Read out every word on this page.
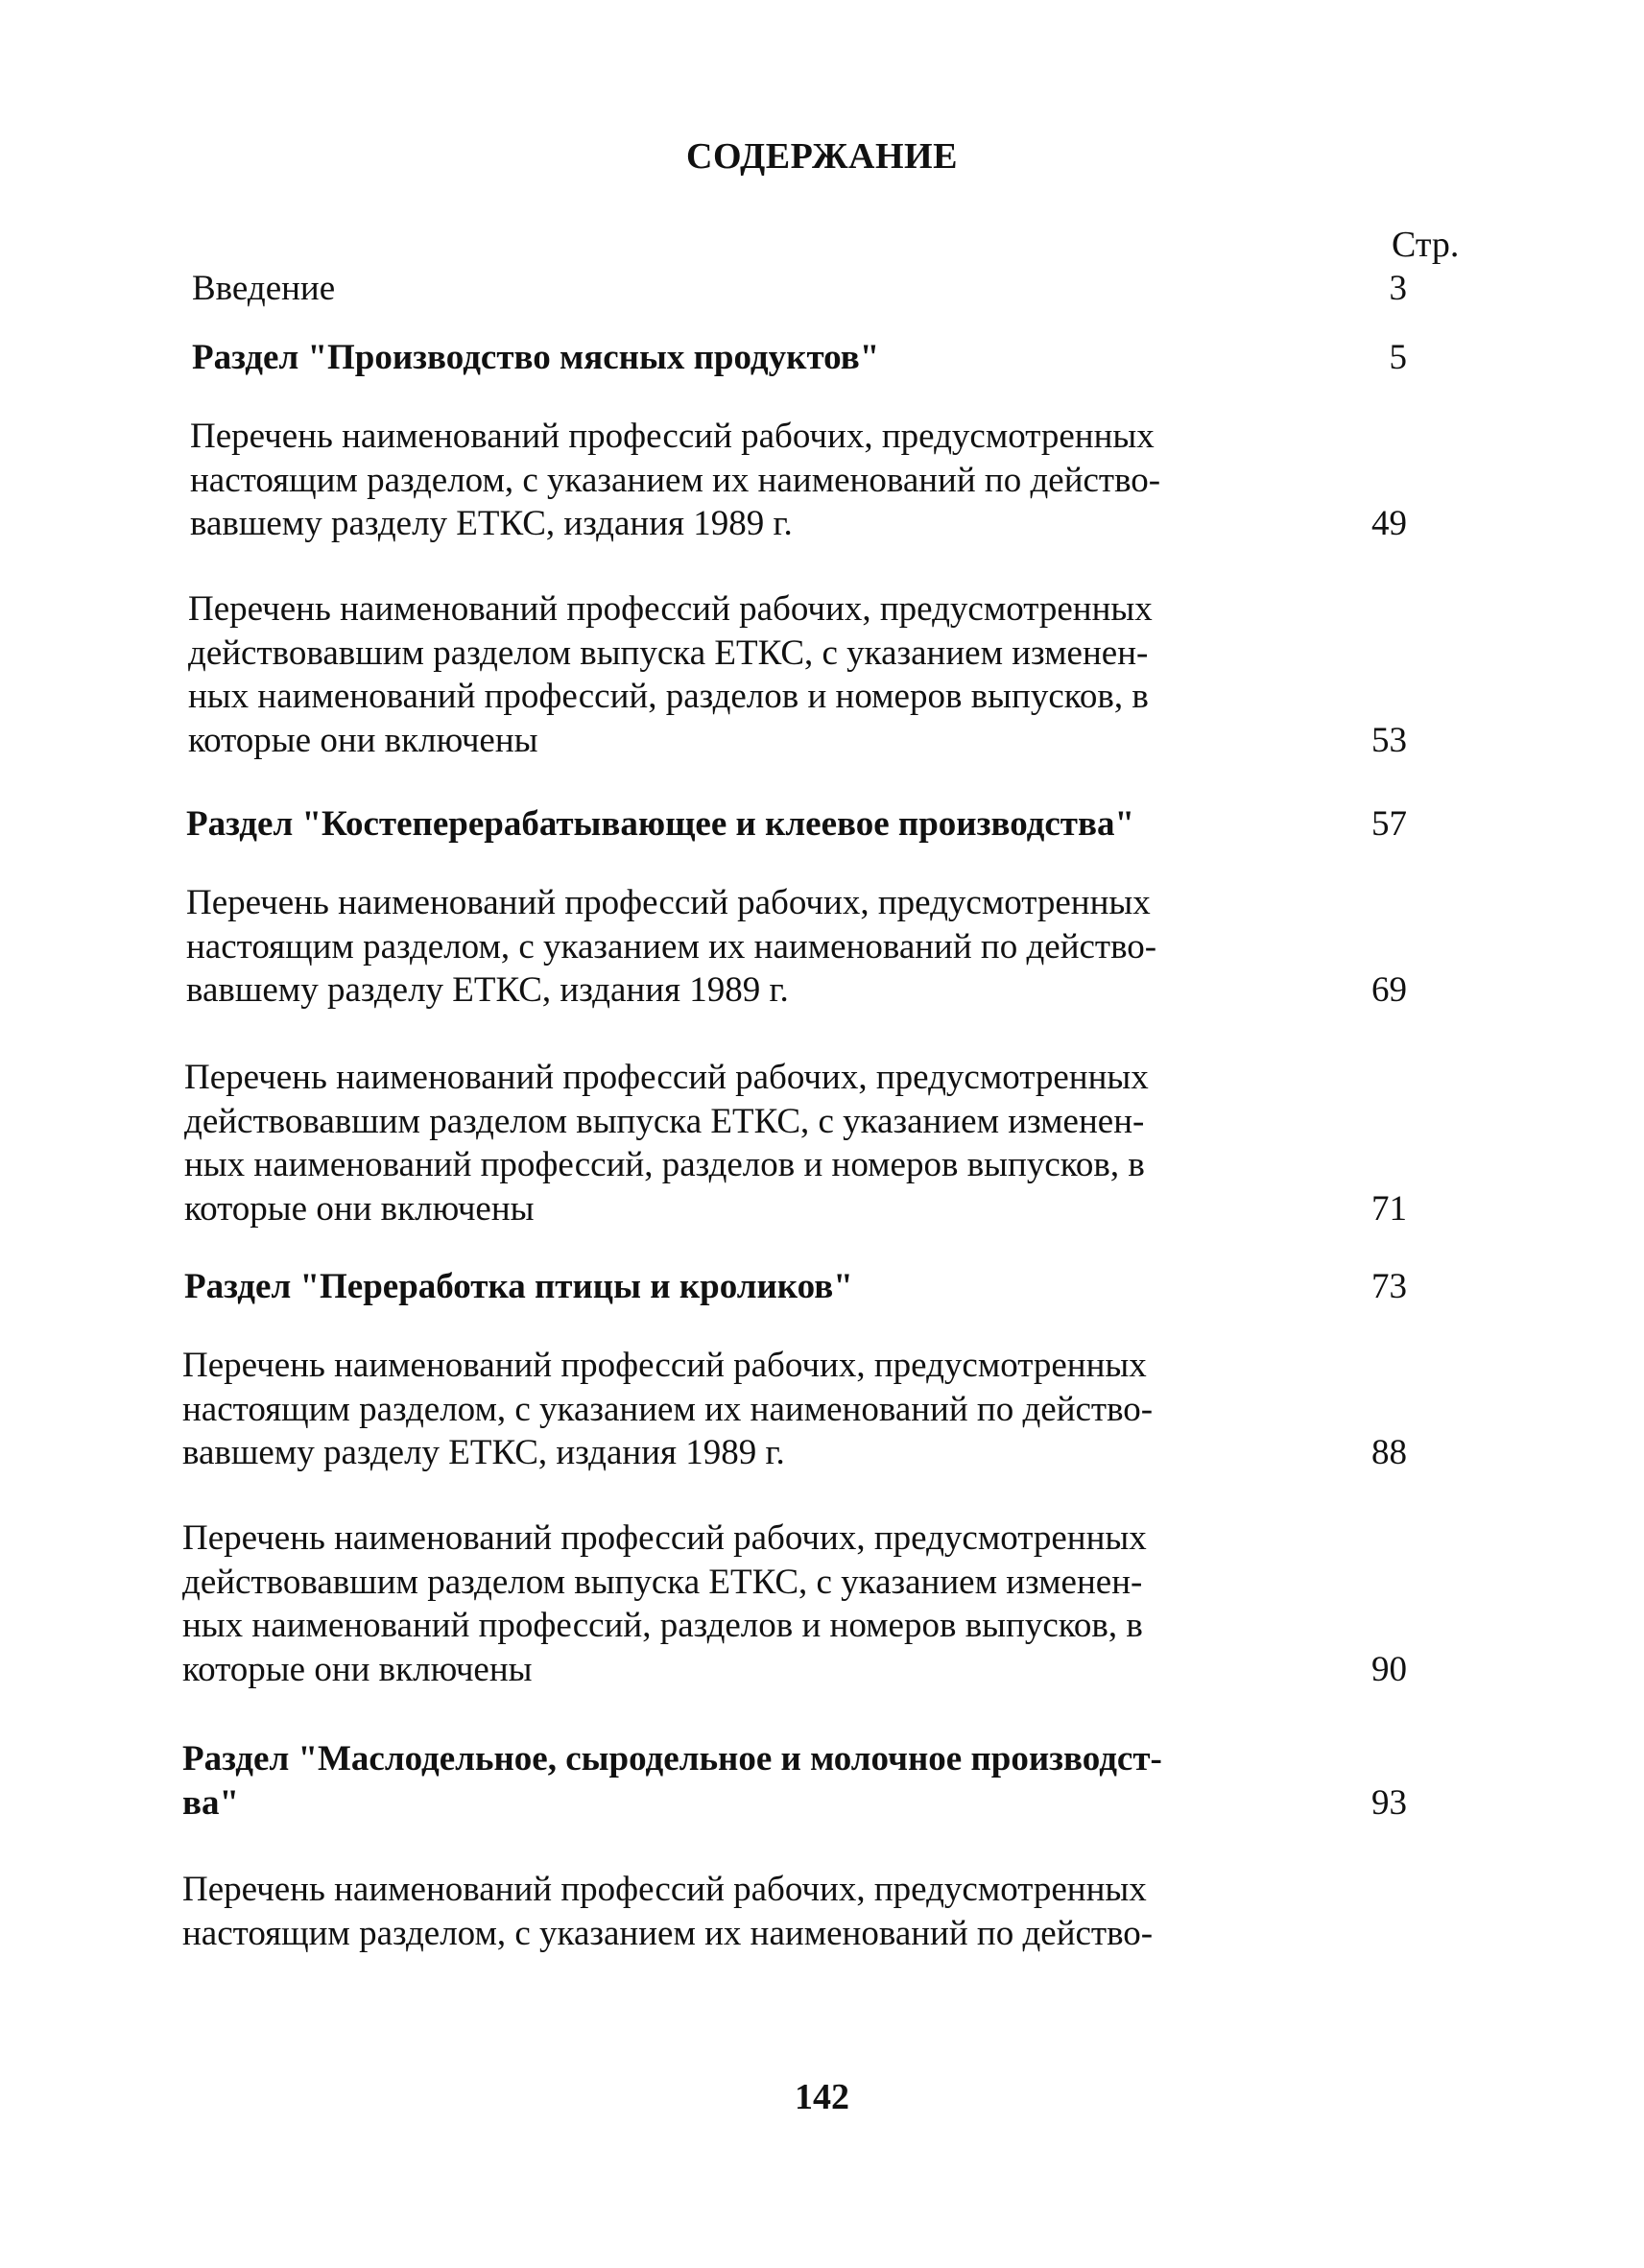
СОДЕРЖАНИЕ
Стр.
Введение	3
Раздел "Производство мясных продуктов"	5
Перечень наименований профессий рабочих, предусмотренных
настоящим разделом, с указанием их наименований по действо-
вавшему разделу ЕТКС, издания 1989 г.	49
Перечень наименований профессий рабочих, предусмотренных
действовавшим разделом выпуска ЕТКС, с указанием изменен-
ных наименований профессий, разделов и номеров выпусков, в
которые они включены	53
Раздел "Костеперерабатывающее и клеевое производства"	57
Перечень наименований профессий рабочих, предусмотренных
настоящим разделом, с указанием их наименований по действо-
вавшему разделу ЕТКС, издания 1989 г.	69
Перечень наименований профессий рабочих, предусмотренных
действовавшим разделом выпуска ЕТКС, с указанием изменен-
ных наименований профессий, разделов и номеров выпусков, в
которые они включены	71
Раздел "Переработка птицы и кроликов"	73
Перечень наименований профессий рабочих, предусмотренных
настоящим разделом, с указанием их наименований по действо-
вавшему разделу ЕТКС, издания 1989 г.	88
Перечень наименований профессий рабочих, предусмотренных
действовавшим разделом выпуска ЕТКС, с указанием изменен-
ных наименований профессий, разделов и номеров выпусков, в
которые они включены	90
Раздел "Маслодельное, сыродельное и молочное производст-
ва"	93
Перечень наименований профессий рабочих, предусмотренных
настоящим разделом, с указанием их наименований по действо-
142
